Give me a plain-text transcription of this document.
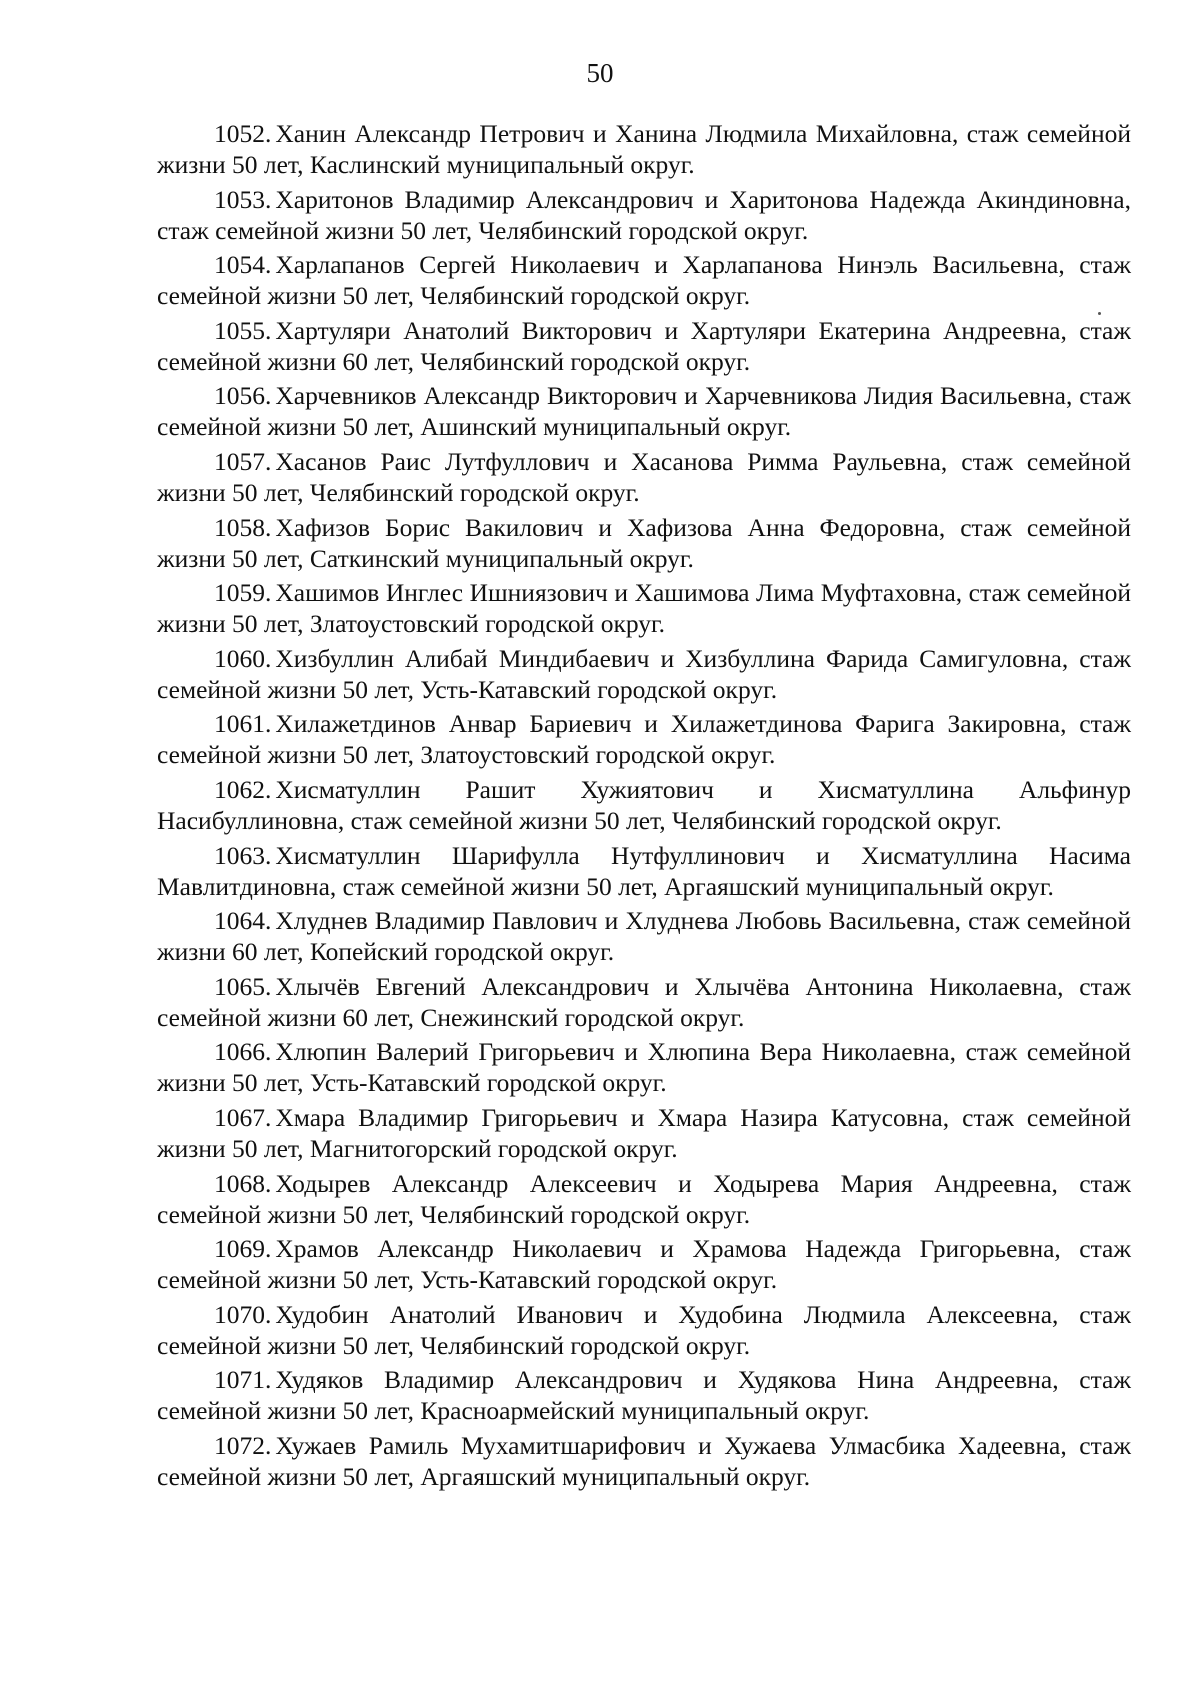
50

1052. Ханин Александр Петрович и Ханина Людмила Михайловна, стаж семейной жизни 50 лет, Каслинский муниципальный округ.

1053. Харитонов Владимир Александрович и Харитонова Надежда Акиндиновна, стаж семейной жизни 50 лет, Челябинский городской округ.

1054. Харлапанов Сергей Николаевич и Харлапанова Нинэль Васильевна, стаж семейной жизни 50 лет, Челябинский городской округ.

1055. Хартуляри Анатолий Викторович и Хартуляри Екатерина Андреевна, стаж семейной жизни 60 лет, Челябинский городской округ.

1056. Харчевников Александр Викторович и Харчевникова Лидия Васильевна, стаж семейной жизни 50 лет, Ашинский муниципальный округ.

1057. Хасанов Раис Лутфуллович и Хасанова Римма Раульевна, стаж семейной жизни 50 лет, Челябинский городской округ.

1058. Хафизов Борис Вакилович и Хафизова Анна Федоровна, стаж семейной жизни 50 лет, Саткинский муниципальный округ.

1059. Хашимов Инглес Ишниязович и Хашимова Лима Муфтаховна, стаж семейной жизни 50 лет, Златоустовский городской округ.

1060. Хизбуллин Алибай Миндибаевич и Хизбуллина Фарида Самигуловна, стаж семейной жизни 50 лет, Усть-Катавский городской округ.

1061. Хилажетдинов Анвар Бариевич и Хилажетдинова Фарига Закировна, стаж семейной жизни 50 лет, Златоустовский городской округ.

1062. Хисматуллин Рашит Хужиятович и Хисматуллина Альфинур Насибуллиновна, стаж семейной жизни 50 лет, Челябинский городской округ.

1063. Хисматуллин Шарифулла Нутфуллинович и Хисматуллина Насима Мавлитдиновна, стаж семейной жизни 50 лет, Аргаяшский муниципальный округ.

1064. Хлуднев Владимир Павлович и Хлуднева Любовь Васильевна, стаж семейной жизни 60 лет, Копейский городской округ.

1065. Хлычёв Евгений Александрович и Хлычёва Антонина Николаевна, стаж семейной жизни 60 лет, Снежинский городской округ.

1066. Хлюпин Валерий Григорьевич и Хлюпина Вера Николаевна, стаж семейной жизни 50 лет, Усть-Катавский городской округ.

1067. Хмара Владимир Григорьевич и Хмара Назира Катусовна, стаж семейной жизни 50 лет, Магнитогорский городской округ.

1068. Ходырев Александр Алексеевич и Ходырева Мария Андреевна, стаж семейной жизни 50 лет, Челябинский городской округ.

1069. Храмов Александр Николаевич и Храмова Надежда Григорьевна, стаж семейной жизни 50 лет, Усть-Катавский городской округ.

1070. Худобин Анатолий Иванович и Худобина Людмила Алексеевна, стаж семейной жизни 50 лет, Челябинский городской округ.

1071. Худяков Владимир Александрович и Худякова Нина Андреевна, стаж семейной жизни 50 лет, Красноармейский муниципальный округ.

1072. Хужаев Рамиль Мухамитшарифович и Хужаева Улмасбика Хадеевна, стаж семейной жизни 50 лет, Аргаяшский муниципальный округ.
